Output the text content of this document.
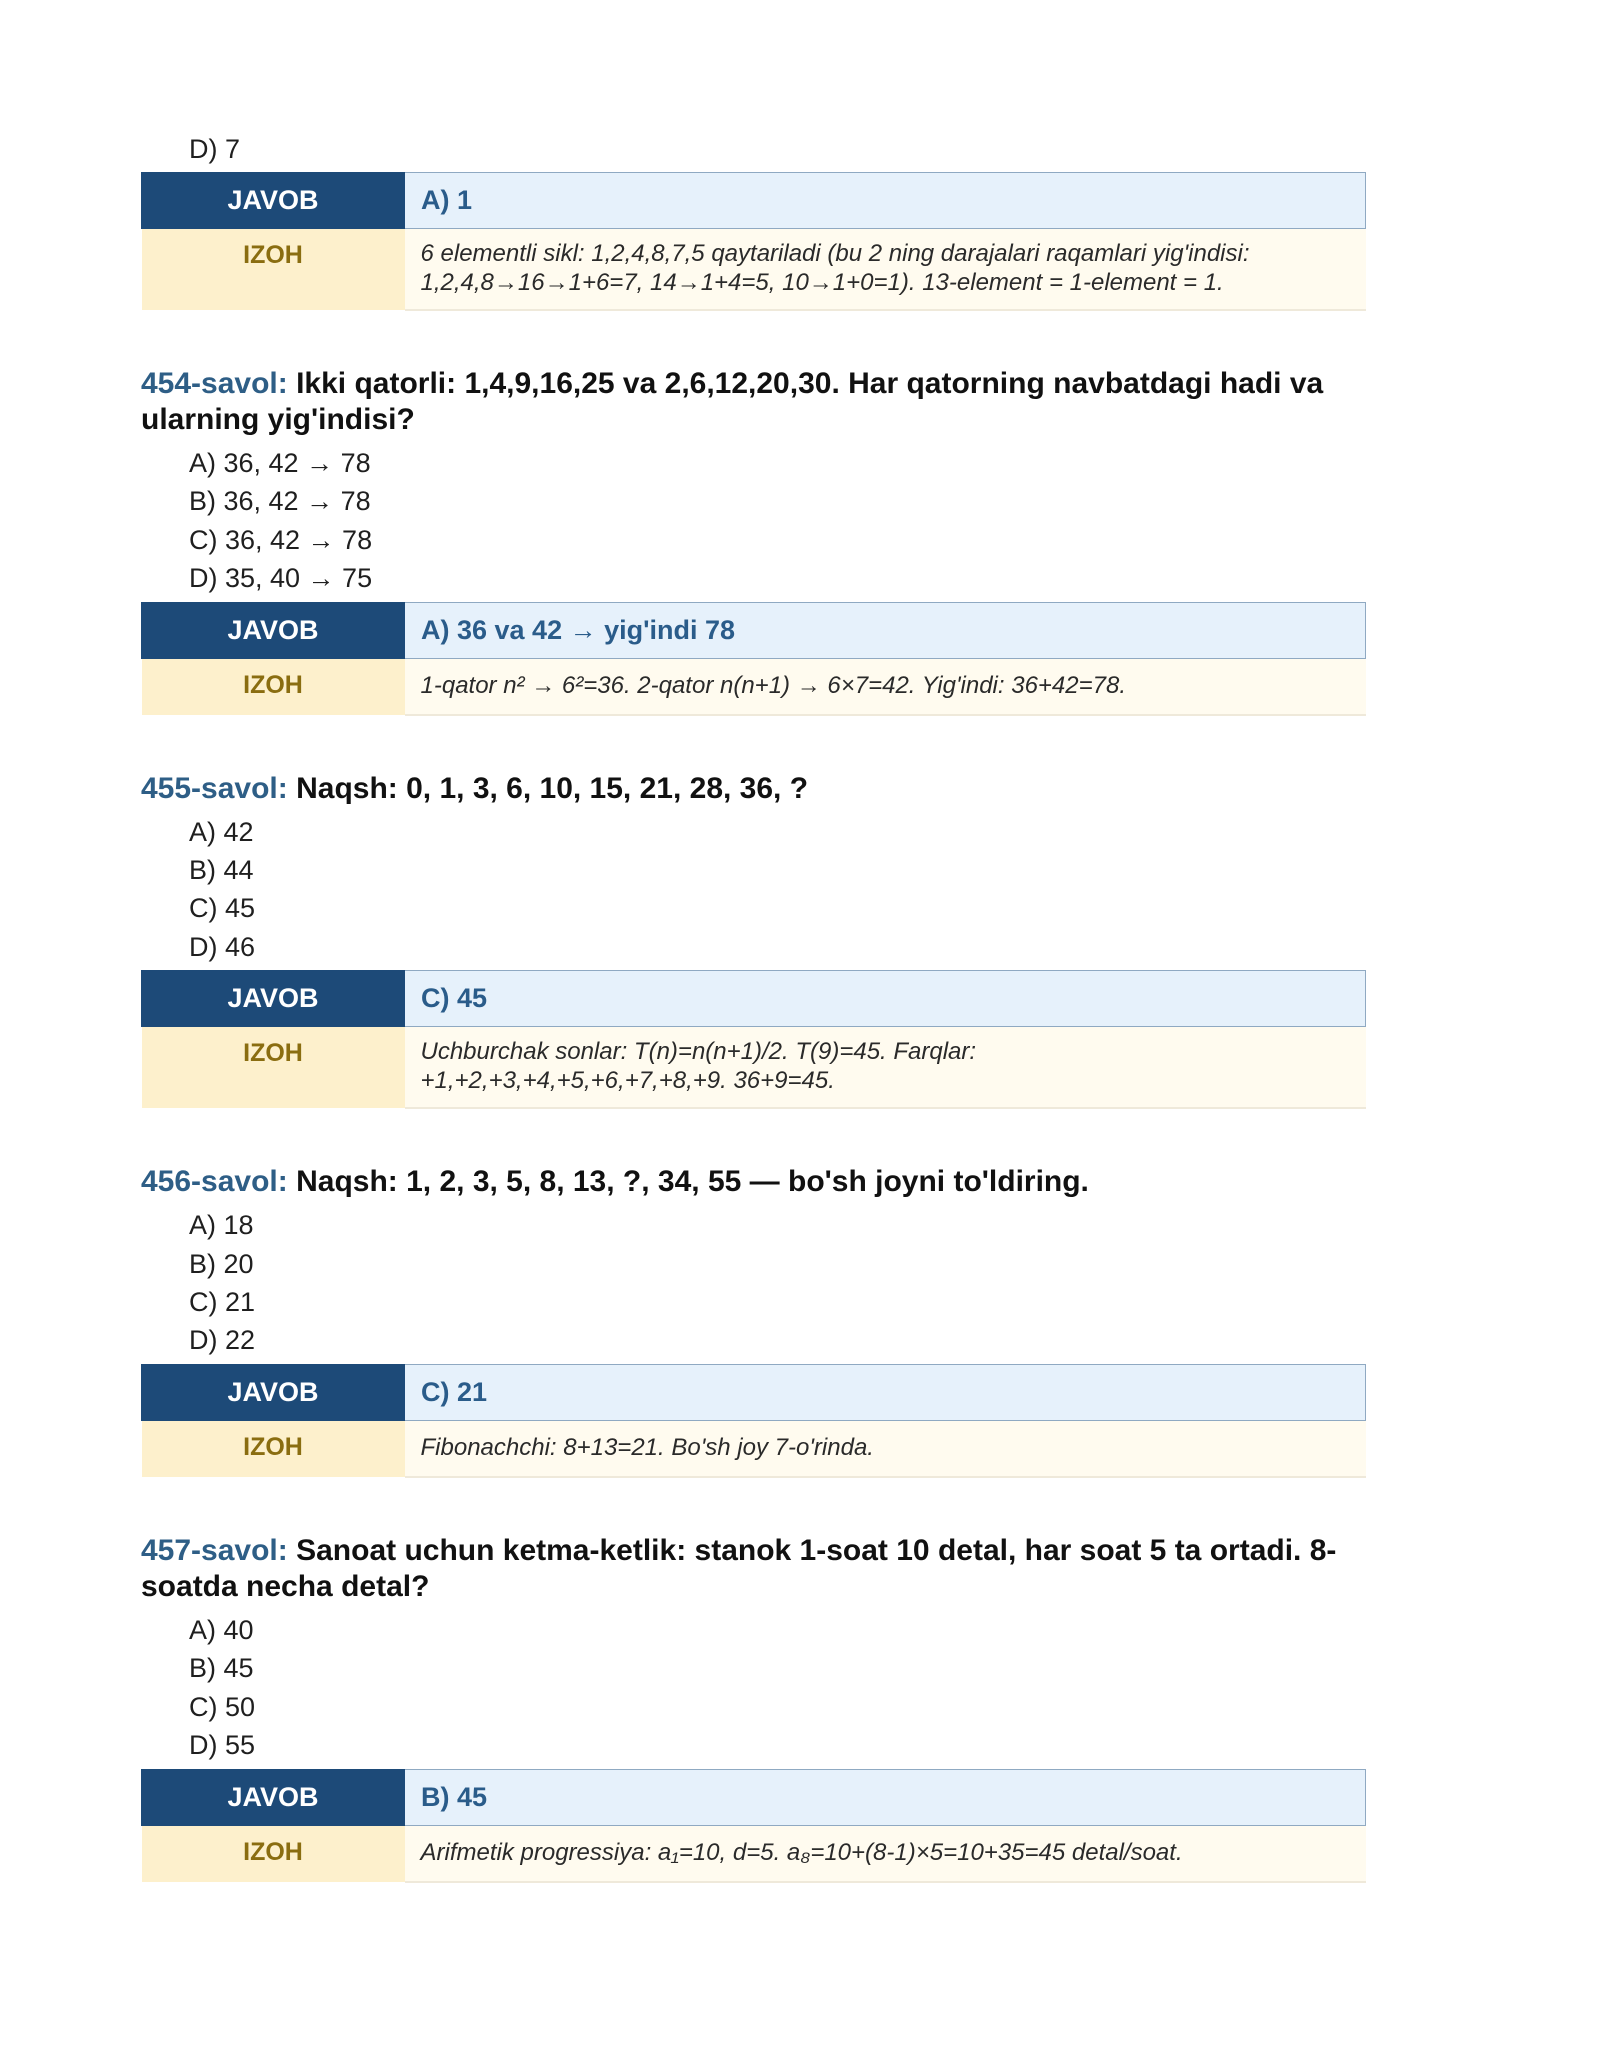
D) 7

JAVOB	A) 1
IZOH	6 elementli sikl: 1,2,4,8,7,5 qaytariladi (bu 2 ning darajalari raqamlari yig'indisi: 1,2,4,8→16→1+6=7, 14→1+4=5, 10→1+0=1). 13-element = 1-element = 1.

454-savol: Ikki qatorli: 1,4,9,16,25 va 2,6,12,20,30. Har qatorning navbatdagi hadi va ularning yig'indisi?

A) 36, 42 → 78
B) 36, 42 → 78
C) 36, 42 → 78
D) 35, 40 → 75
JAVOB	A) 36 va 42 → yig'indi 78
IZOH	1-qator n² → 6²=36. 2-qator n(n+1) → 6×7=42. Yig'indi: 36+42=78.

455-savol: Naqsh: 0, 1, 3, 6, 10, 15, 21, 28, 36, ?

A) 42
B) 44
C) 45
D) 46
JAVOB	C) 45
IZOH	Uchburchak sonlar: T(n)=n(n+1)/2. T(9)=45. Farqlar: +1,+2,+3,+4,+5,+6,+7,+8,+9. 36+9=45.

456-savol: Naqsh: 1, 2, 3, 5, 8, 13, ?, 34, 55 — bo'sh joyni to'ldiring.

A) 18
B) 20
C) 21
D) 22
JAVOB	C) 21
IZOH	Fibonachchi: 8+13=21. Bo'sh joy 7-o'rinda.

457-savol: Sanoat uchun ketma-ketlik: stanok 1-soat 10 detal, har soat 5 ta ortadi. 8-soatda necha detal?

A) 40
B) 45
C) 50
D) 55
JAVOB	B) 45
IZOH	Arifmetik progressiya: a₁=10, d=5. a₈=10+(8-1)×5=10+35=45 detal/soat.
